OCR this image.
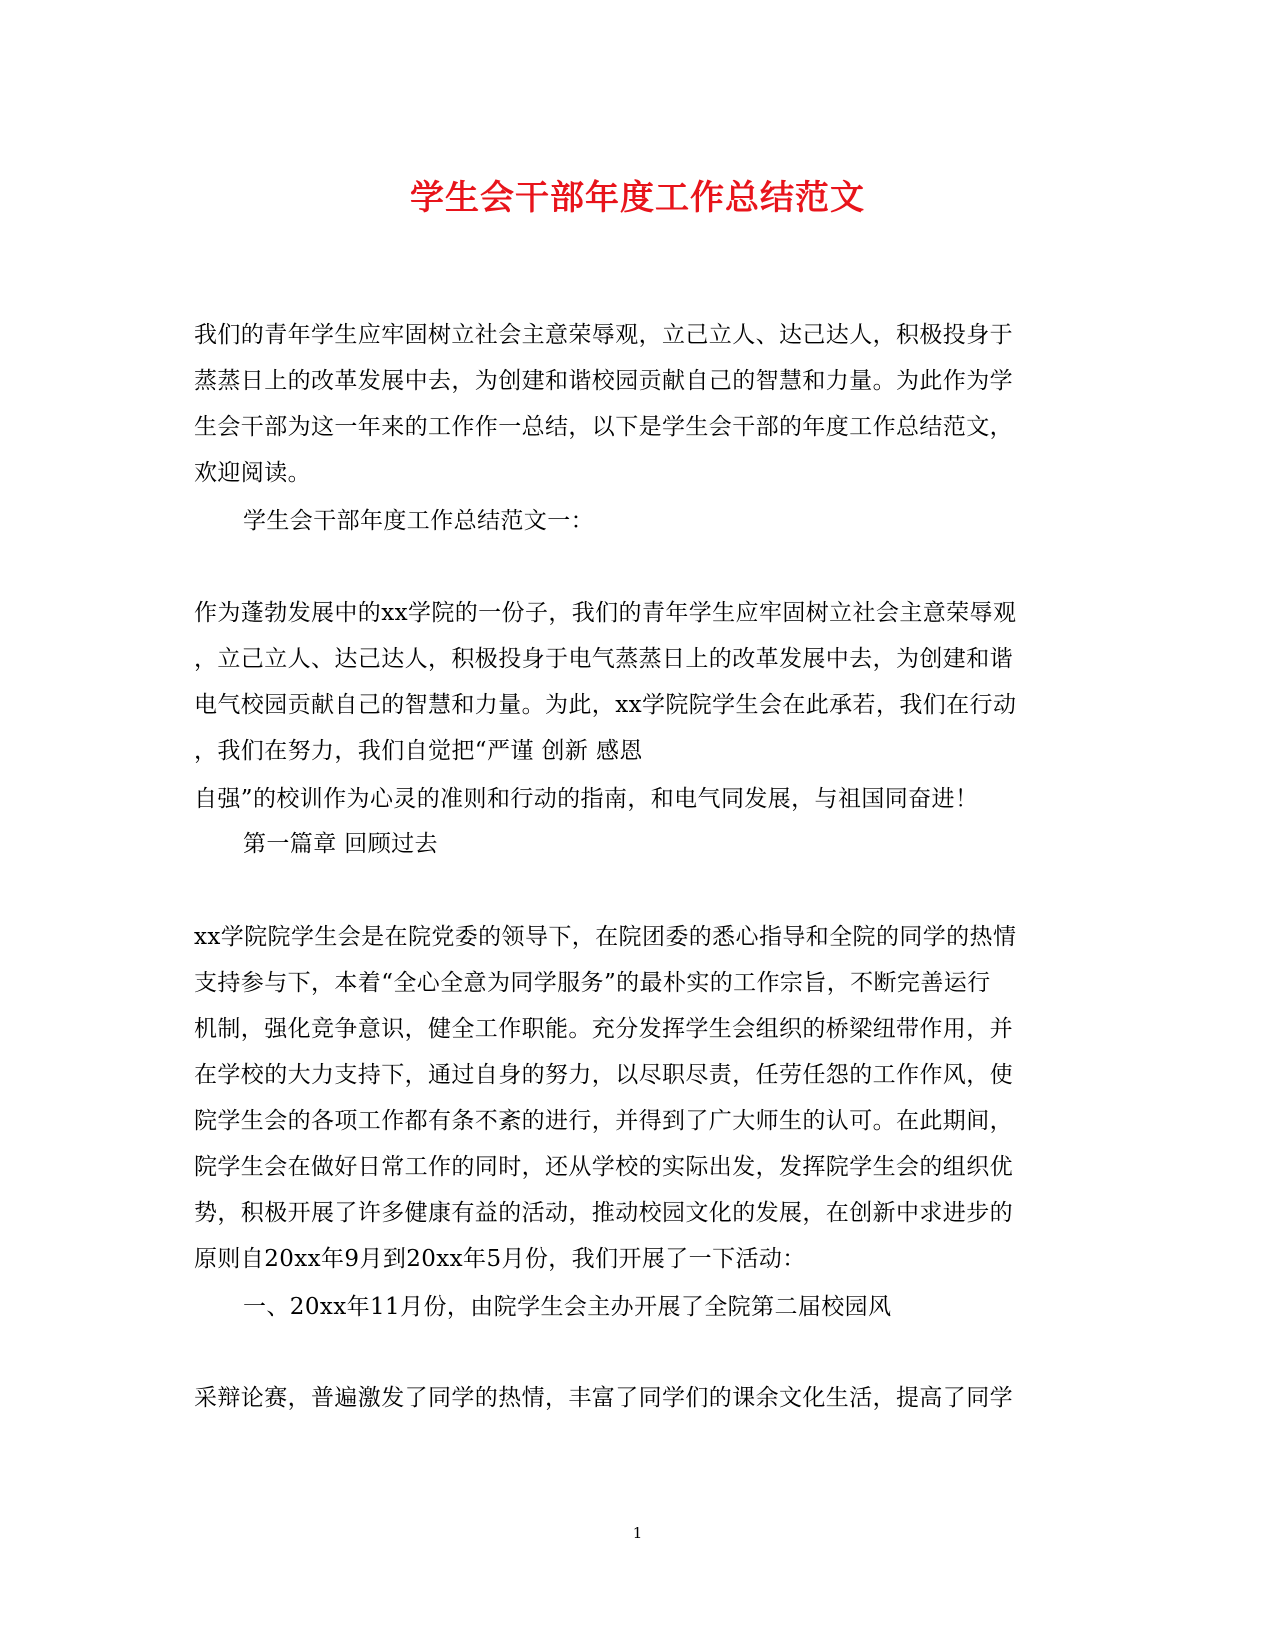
学生会干部年度工作总结范文

我们的青年学生应牢固树立社会主意荣辱观，立己立人、达己达人，积极投身于

蒸蒸日上的改革发展中去，为创建和谐校园贡献自己的智慧和力量。为此作为学

生会干部为这一年来的工作作一总结，以下是学生会干部的年度工作总结范文，

欢迎阅读。

学生会干部年度工作总结范文一：

作为蓬勃发展中的xx学院的一份子，我们的青年学生应牢固树立社会主意荣辱观

，立己立人、达己达人，积极投身于电气蒸蒸日上的改革发展中去，为创建和谐

电气校园贡献自己的智慧和力量。为此，xx学院院学生会在此承若，我们在行动

，我们在努力，我们自觉把“严谨 创新 感恩

自强”的校训作为心灵的准则和行动的指南，和电气同发展，与祖国同奋进！

第一篇章 回顾过去

xx学院院学生会是在院党委的领导下，在院团委的悉心指导和全院的同学的热情

支持参与下，本着“全心全意为同学服务”的最朴实的工作宗旨，不断完善运行

机制，强化竞争意识，健全工作职能。充分发挥学生会组织的桥梁纽带作用，并

在学校的大力支持下，通过自身的努力，以尽职尽责，任劳任怨的工作作风，使

院学生会的各项工作都有条不紊的进行，并得到了广大师生的认可。在此期间，

院学生会在做好日常工作的同时，还从学校的实际出发，发挥院学生会的组织优

势，积极开展了许多健康有益的活动，推动校园文化的发展，在创新中求进步的

原则自20xx年9月到20xx年5月份，我们开展了一下活动：

一、20xx年11月份，由院学生会主办开展了全院第二届校园风

采辩论赛，普遍激发了同学的热情，丰富了同学们的课余文化生活，提高了同学

1
